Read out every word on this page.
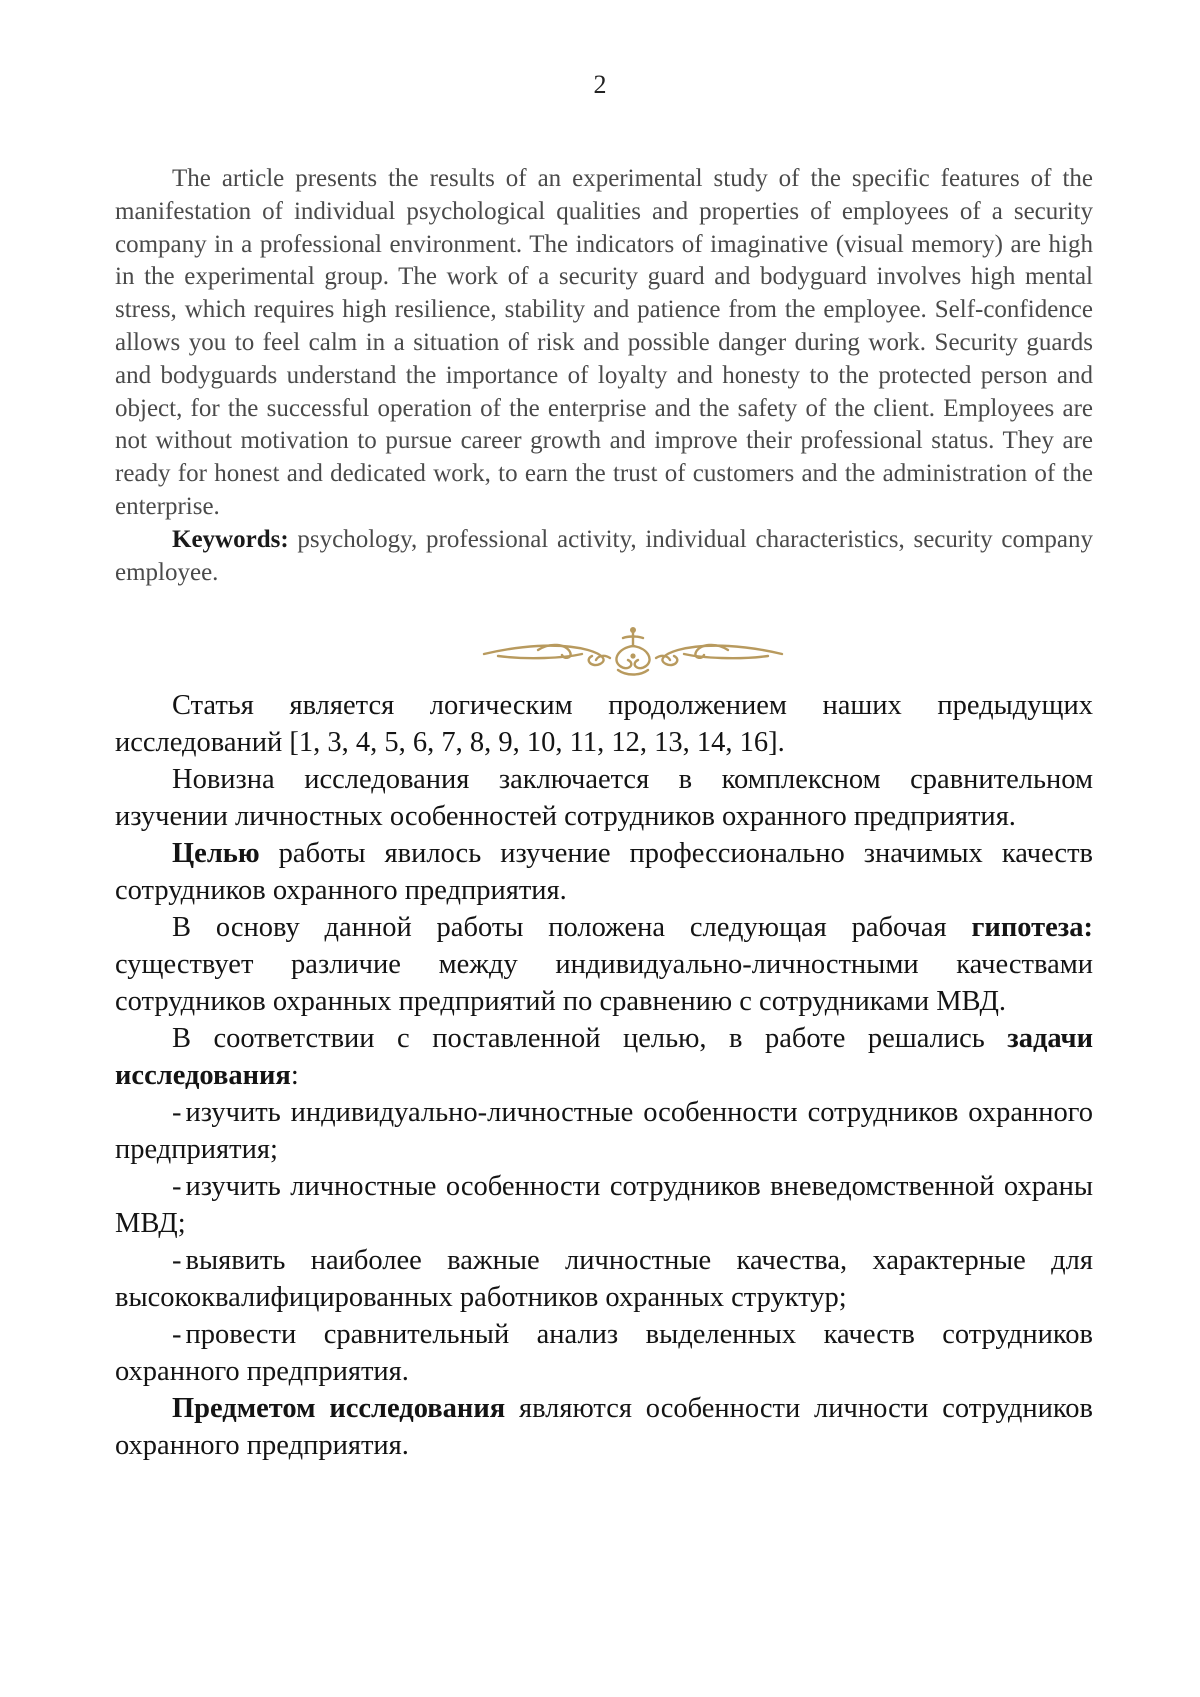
2

The article presents the results of an experimental study of the specific features of the manifestation of individual psychological qualities and properties of employees of a security company in a professional environment. The indicators of imaginative (visual memory) are high in the experimental group. The work of a security guard and bodyguard involves high mental stress, which requires high resilience, stability and patience from the employee. Self-confidence allows you to feel calm in a situation of risk and possible danger during work. Security guards and bodyguards understand the importance of loyalty and honesty to the protected person and object, for the successful operation of the enterprise and the safety of the client. Employees are not without motivation to pursue career growth and improve their professional status. They are ready for honest and dedicated work, to earn the trust of customers and the administration of the enterprise.

Keywords: psychology, professional activity, individual characteristics, security company employee.

Статья является логическим продолжением наших предыдущих исследований [1, 3, 4, 5, 6, 7, 8, 9, 10, 11, 12, 13, 14, 16].

Новизна исследования заключается в комплексном сравнительном изучении личностных особенностей сотрудников охранного предприятия.

Целью работы явилось изучение профессионально значимых качеств сотрудников охранного предприятия.

В основу данной работы положена следующая рабочая гипотеза: существует различие между индивидуально-личностными качествами сотрудников охранных предприятий по сравнению с сотрудниками МВД.

В соответствии с поставленной целью, в работе решались задачи исследования:

- изучить индивидуально-личностные особенности сотрудников охранного предприятия;

- изучить личностные особенности сотрудников вневедомственной охраны МВД;

- выявить наиболее важные личностные качества, характерные для высококвалифицированных работников охранных структур;

- провести сравнительный анализ выделенных качеств сотрудников охранного предприятия.

Предметом исследования являются особенности личности сотрудников охранного предприятия.
